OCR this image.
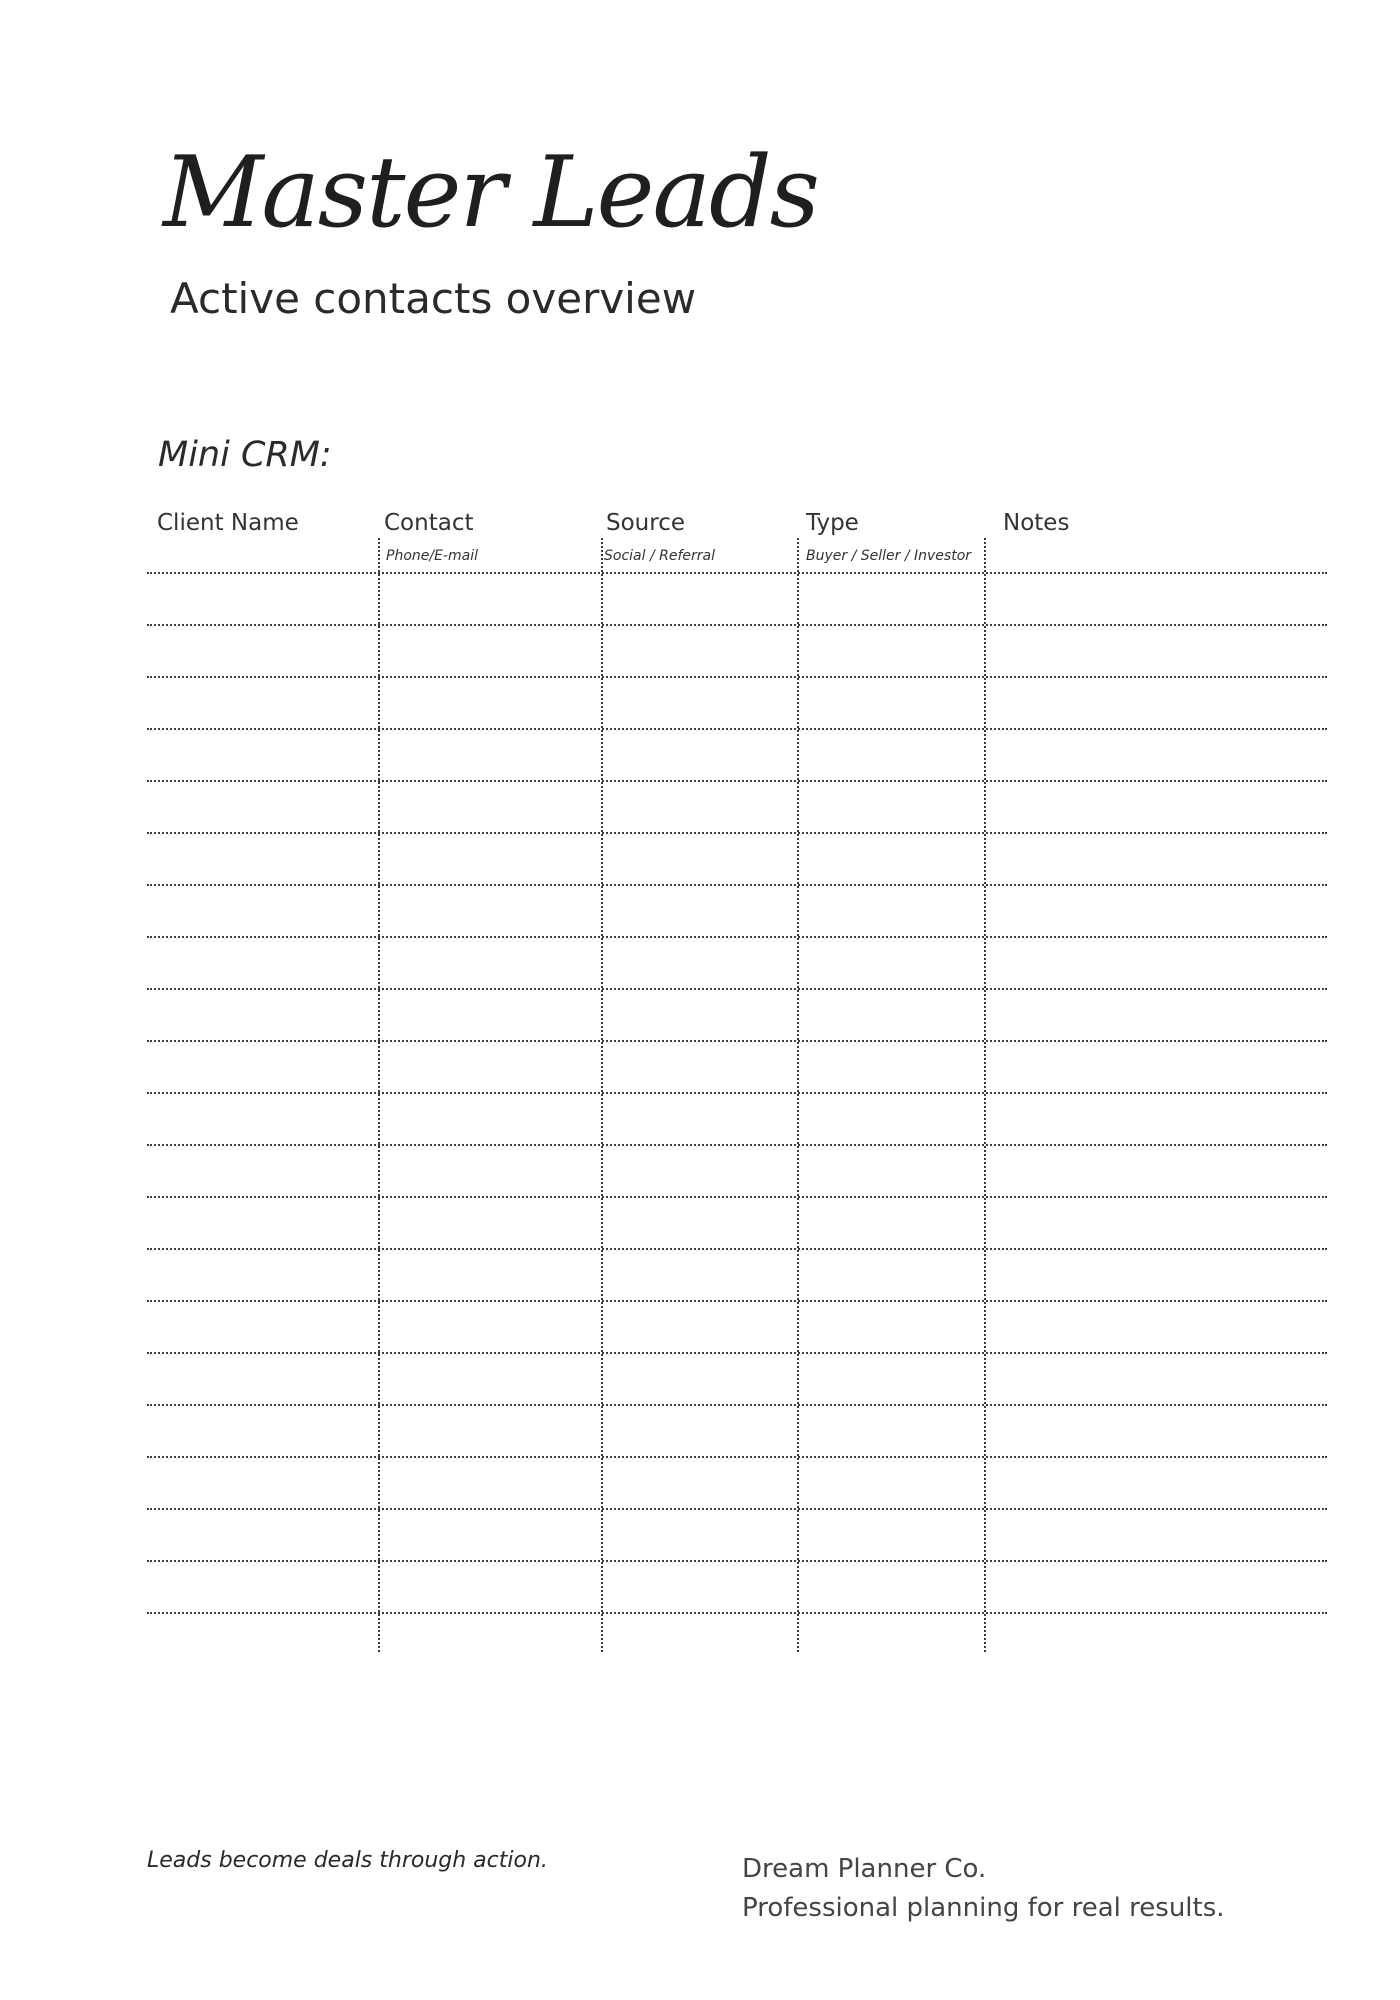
Master Leads
Active contacts overview
Mini CRM:
Client Name	Contact
Phone/E-mail
Source
Social / Referral
Type
Buyer / Seller / Investor
Notes

Leads become deals through action.	Dream Planner Co.
Professional planning for real results.
